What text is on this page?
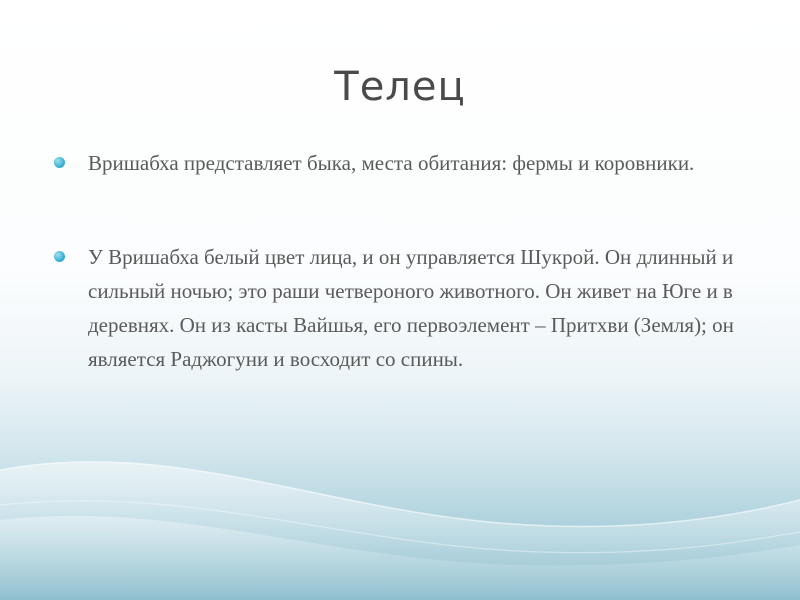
Телец
Вришабха представляет быка, места обитания: фермы и коровники.
У Вришабха белый цвет лица, и он управляется Шукрой. Он длинный и сильный ночью; это раши четвероного животного. Он живет на Юге и в деревнях. Он из касты Вайшья, его первоэлемент – Притхви (Земля); он является Раджогуни и восходит со спины.
